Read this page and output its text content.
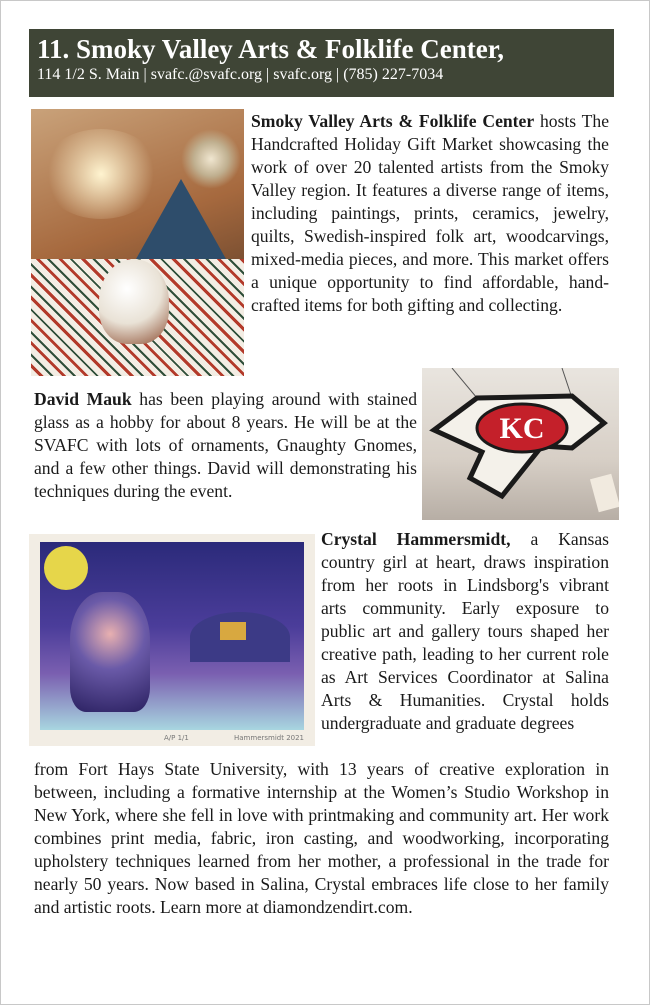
11. Smoky Valley Arts & Folklife Center,
114 1/2 S. Main | svafc.@svafc.org | svafc.org | (785) 227-7034
Smoky Valley Arts & Folklife Center hosts The Handcrafted Holiday Gift Market showcasing the work of over 20 talented artists from the Smoky Valley region. It features a diverse range of items, including paintings, prints, ceramics, jewelry, quilts, Swedish-inspired folk art, woodcarvings, mixed-media pieces, and more. This market offers a unique opportunity to find affordable, hand-crafted items for both gifting and collecting.
KC
David Mauk has been playing around with stained glass as a hobby for about 8 years. He will be at the SVAFC with lots of ornaments, Gnaughty Gnomes, and a few other things. David will demonstrating his techniques during the event.
A/P 1/1	Hammersmidt 2021
Crystal Hammersmidt, a Kansas country girl at heart, draws inspiration from her roots in Lindsborg's vibrant arts community. Early exposure to public art and gallery tours shaped her creative path, leading to her current role as Art Services Coordinator at Salina Arts & Humanities. Crystal holds undergraduate and graduate degrees
from Fort Hays State University, with 13 years of creative exploration in between, including a formative internship at the Women’s Studio Workshop in New York, where she fell in love with printmaking and community art. Her work combines print media, fabric, iron casting, and woodworking, incorporating upholstery techniques learned from her mother, a professional in the trade for nearly 50 years. Now based in Salina, Crystal embraces life close to her family and artistic roots. Learn more at diamondzendirt.com.
